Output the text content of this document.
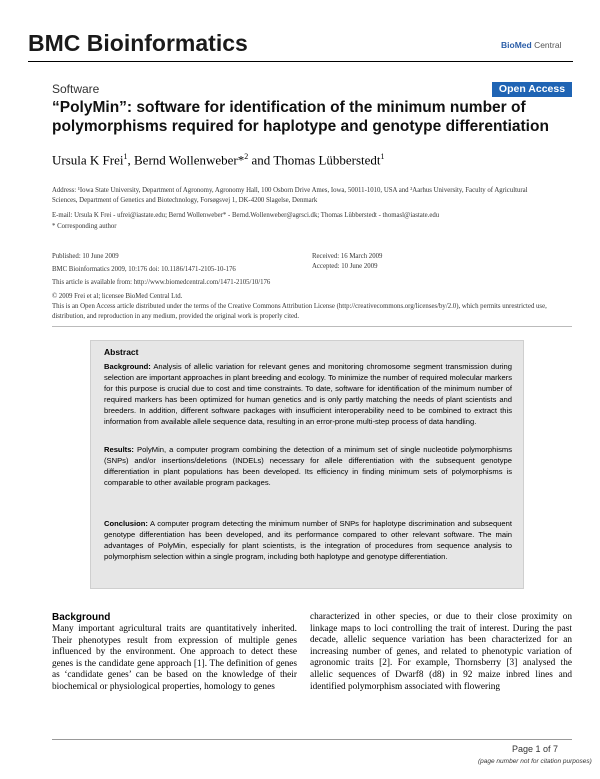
BMC Bioinformatics	BioMed Central
Software	Open Access
“PolyMin”: software for identification of the minimum number of polymorphisms required for haplotype and genotype differentiation
Ursula K Frei$^1$, Bernd Wollenweber*$^2$ and Thomas Lübberstedt$^1$
Address: ¹Iowa State University, Department of Agronomy, Agronomy Hall, 100 Osborn Drive Ames, Iowa, 50011-1010, USA and ²Aarhus University, Faculty of Agricultural Sciences, Department of Genetics and Biotechnology, Forsøgsvej 1, DK-4200 Slagelse, Denmark
E-mail: Ursula K Frei - ufrei@iastate.edu; Bernd Wollenweber* - Bernd.Wollenweber@agrsci.dk; Thomas Lübberstedt - thomasl@iastate.edu
* Corresponding author
Published: 10 June 2009	Received: 16 March 2009
BMC Bioinformatics 2009, 10:176 doi: 10.1186/1471-2105-10-176	Accepted: 10 June 2009
This article is available from: http://www.biomedcentral.com/1471-2105/10/176
© 2009 Frei et al; licensee BioMed Central Ltd.
This is an Open Access article distributed under the terms of the Creative Commons Attribution License (http://creativecommons.org/licenses/by/2.0), which permits unrestricted use, distribution, and reproduction in any medium, provided the original work is properly cited.
Abstract

Background: Analysis of allelic variation for relevant genes and monitoring chromosome segment transmission during selection are important approaches in plant breeding and ecology. To minimize the number of required molecular markers for this purpose is crucial due to cost and time constraints. To date, software for identification of the minimum number of required markers has been optimized for human genetics and is only partly matching the needs of plant scientists and breeders. In addition, different software packages with insufficient interoperability need to be combined to extract this information from available allele sequence data, resulting in an error-prone multi-step process of data handling.

Results: PolyMin, a computer program combining the detection of a minimum set of single nucleotide polymorphisms (SNPs) and/or insertions/deletions (INDELs) necessary for allele differentiation with the subsequent genotype differentiation in plant populations has been developed. Its efficiency in finding minimum sets of polymorphisms is comparable to other available program packages.

Conclusion: A computer program detecting the minimum number of SNPs for haplotype discrimination and subsequent genotype differentiation has been developed, and its performance compared to other relevant software. The main advantages of PolyMin, especially for plant scientists, is the integration of procedures from sequence analysis to polymorphism selection within a single program, including both haplotype and genotype differentiation.

Background

Many important agricultural traits are quantitatively inherited. Their phenotypes result from expression of multiple genes influenced by the environment. One approach to detect these genes is the candidate gene approach [1]. The definition of genes as ‘candidate genes’ can be based on the knowledge of their biochemical or physiological properties, homology to genes

characterized in other species, or due to their close proximity on linkage maps to loci controlling the trait of interest. During the past decade, allelic sequence variation has been characterized for an increasing number of genes, and related to phenotypic variation of agronomic traits [2]. For example, Thornsberry [3] analysed the allelic sequences of Dwarf8 (d8) in 92 maize inbred lines and identified polymorphism associated with flowering

Page 1 of 7
(page number not for citation purposes)
